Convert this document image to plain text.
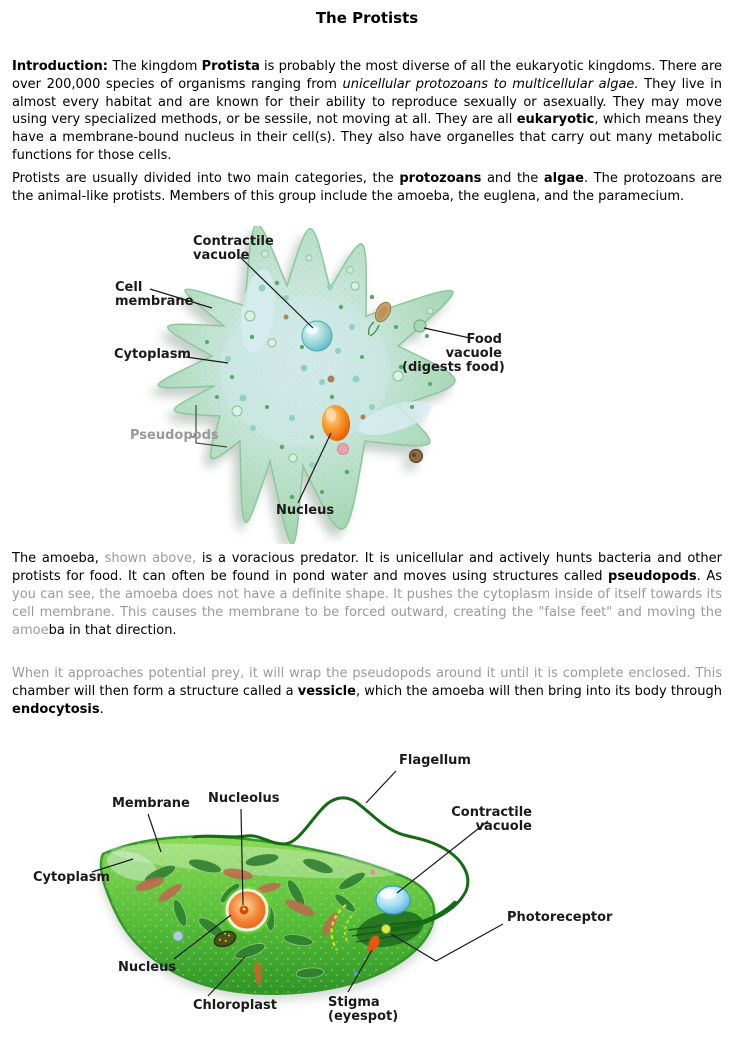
The Protists

Introduction: The kingdom Protista is probably the most diverse of all the eukaryotic kingdoms. There are over 200,000 species of organisms ranging from unicellular protozoans to multicellular algae. They live in almost every habitat and are known for their ability to reproduce sexually or asexually. They may move using very specialized methods, or be sessile, not moving at all. They are all eukaryotic, which means they have a membrane-bound nucleus in their cell(s). They also have organelles that carry out many metabolic functions for those cells.

Protists are usually divided into two main categories, the protozoans and the algae. The protozoans are the animal-like protists. Members of this group include the amoeba, the euglena, and the paramecium.

Contractile
vacuole
Cell
membrane
Cytoplasm
Pseudopods
Nucleus
Food
vacuole
(digests food)

The amoeba, shown above, is a voracious predator. It is unicellular and actively hunts bacteria and other protists for food. It can often be found in pond water and moves using structures called pseudopods. As you can see, the amoeba does not have a definite shape. It pushes the cytoplasm inside of itself towards its cell membrane. This causes the membrane to be forced outward, creating the "false feet" and moving the amoeba in that direction.

When it approaches potential prey, it will wrap the pseudopods around it until it is complete enclosed. This chamber will then form a structure called a vessicle, which the amoeba will then bring into its body through endocytosis.

Flagellum
Membrane Nucleolus
Contractile
vacuole
Cytoplasm
Photoreceptor
Nucleus
Chloroplast	Stigma
(eyespot)
